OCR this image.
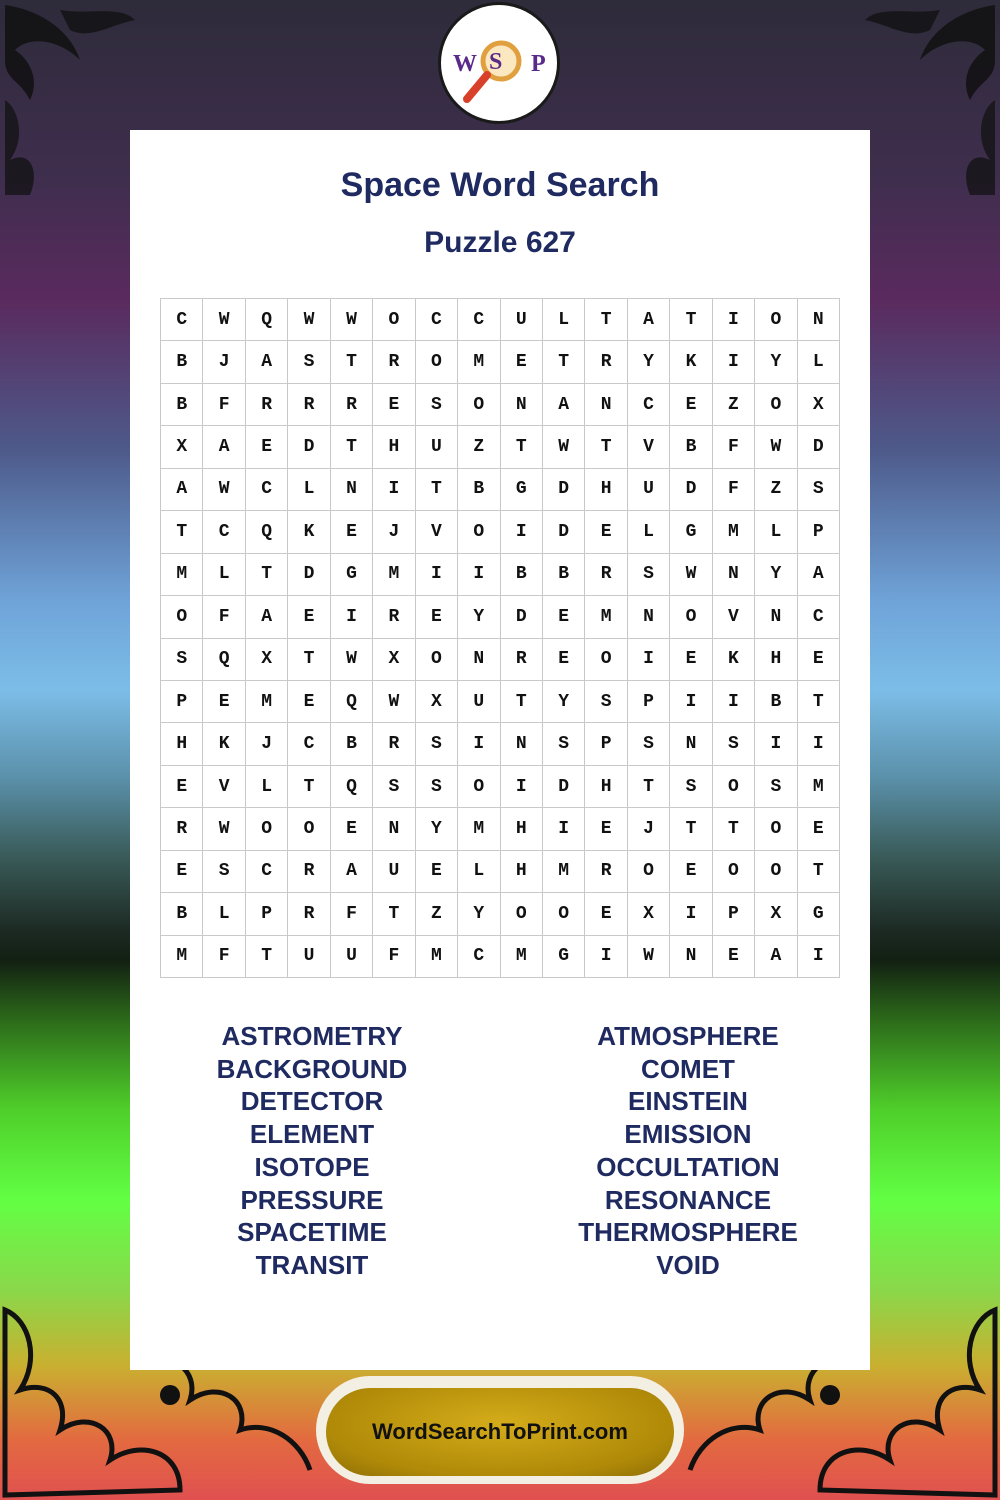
W S P
Space Word Search
Puzzle 627
C	W	Q	W	W	O	C	C	U	L	T	A	T	I	O	N
B	J	A	S	T	R	O	M	E	T	R	Y	K	I	Y	L
B	F	R	R	R	E	S	O	N	A	N	C	E	Z	O	X
X	A	E	D	T	H	U	Z	T	W	T	V	B	F	W	D
A	W	C	L	N	I	T	B	G	D	H	U	D	F	Z	S
T	C	Q	K	E	J	V	O	I	D	E	L	G	M	L	P
M	L	T	D	G	M	I	I	B	B	R	S	W	N	Y	A
O	F	A	E	I	R	E	Y	D	E	M	N	O	V	N	C
S	Q	X	T	W	X	O	N	R	E	O	I	E	K	H	E
P	E	M	E	Q	W	X	U	T	Y	S	P	I	I	B	T
H	K	J	C	B	R	S	I	N	S	P	S	N	S	I	I
E	V	L	T	Q	S	S	O	I	D	H	T	S	O	S	M
R	W	O	O	E	N	Y	M	H	I	E	J	T	T	O	E
E	S	C	R	A	U	E	L	H	M	R	O	E	O	O	T
B	L	P	R	F	T	Z	Y	O	O	E	X	I	P	X	G
M	F	T	U	U	F	M	C	M	G	I	W	N	E	A	I
ASTROMETRY
BACKGROUND
DETECTOR
ELEMENT
ISOTOPE
PRESSURE
SPACETIME
TRANSIT
ATMOSPHERE
COMET
EINSTEIN
EMISSION
OCCULTATION
RESONANCE
THERMOSPHERE
VOID
WordSearchToPrint.com
